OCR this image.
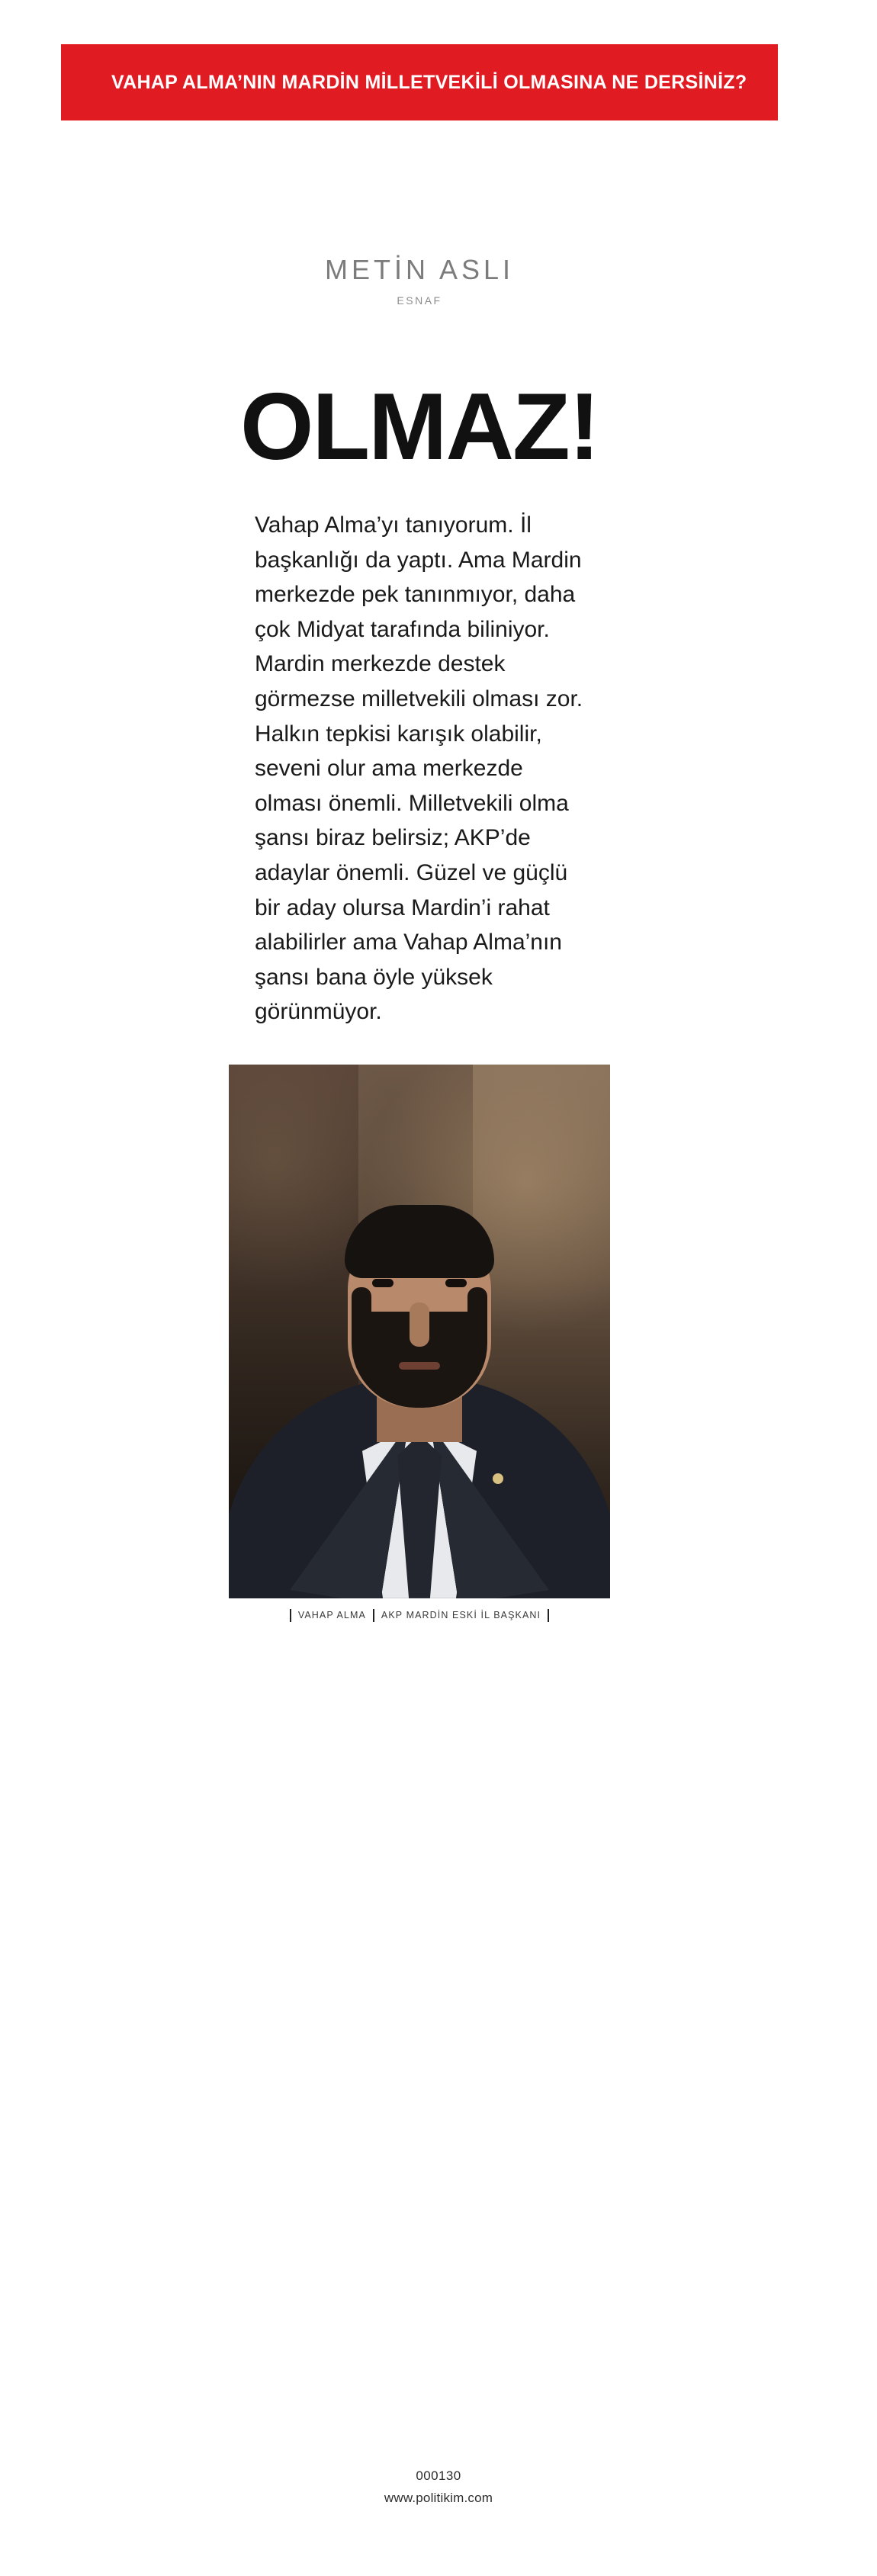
VAHAP ALMA’NIN MARDİN MİLLETVEKİLİ OLMASINA NE DERSİNİZ?
METİN ASLI
ESNAF
OLMAZ!
Vahap Alma’yı tanıyorum. İl başkanlığı da yaptı. Ama Mardin merkezde pek tanınmıyor, daha çok Midyat tarafında biliniyor. Mardin merkezde destek görmezse milletvekili olması zor. Halkın tepkisi karışık olabilir, seveni olur ama merkezde olması önemli. Milletvekili olma şansı biraz belirsiz; AKP’de adaylar önemli. Güzel ve güçlü bir aday olursa Mardin’i rahat alabilirler ama Vahap Alma’nın şansı bana öyle yüksek görünmüyor.
VAHAP ALMA AKP MARDİN ESKİ İL BAŞKANI
000130
www.politikim.com
